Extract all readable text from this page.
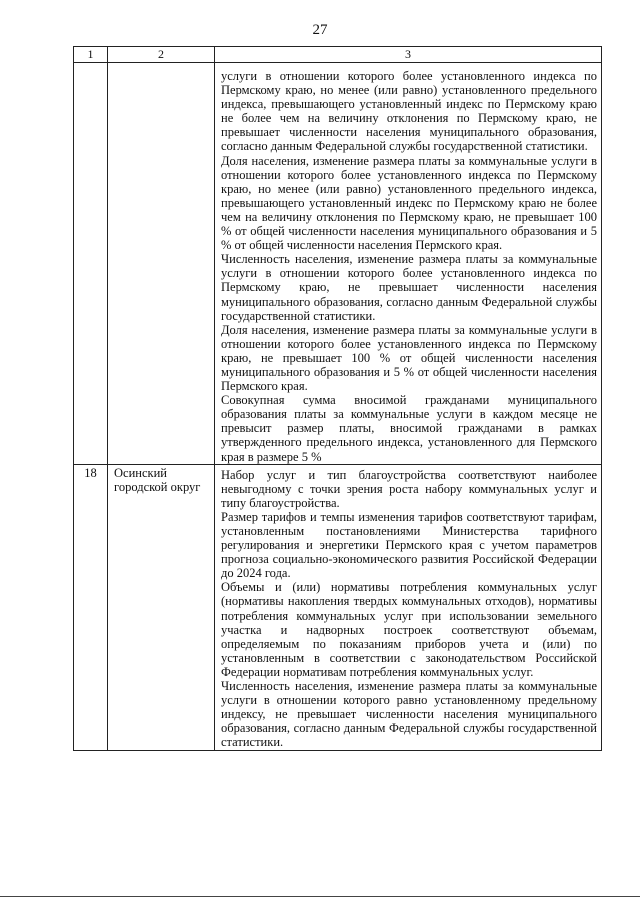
27
1	2	3

		услуги в отношении которого более установленного индекса по Пермскому краю, но менее (или равно) установленного предельного индекса, превышающего установленный индекс по Пермскому краю не более чем на величину отклонения по Пермскому краю, не превышает численности населения муниципального образования, согласно данным Федеральной службы государственной статистики.

Доля населения, изменение размера платы за коммунальные услуги в отношении которого более установленного индекса по Пермскому краю, но менее (или равно) установленного предельного индекса, превышающего установленный индекс по Пермскому краю не более чем на величину отклонения по Пермскому краю, не превышает 100 % от общей численности населения муниципального образования и 5 % от общей численности населения Пермского края.

Численность населения, изменение размера платы за коммунальные услуги в отношении которого более установленного индекса по Пермскому краю, не превышает численности населения муниципального образования, согласно данным Федеральной службы государственной статистики.

Доля населения, изменение размера платы за коммунальные услуги в отношении которого более установленного индекса по Пермскому краю, не превышает 100 % от общей численности населения муниципального образования и 5 % от общей численности населения Пермского края.

Совокупная сумма вносимой гражданами муниципального образования платы за коммунальные услуги в каждом месяце не превысит размер платы, вносимой гражданами в рамках утвержденного предельного индекса, установленного для Пермского края в размере 5 %

18	Осинский городской округ	Набор услуг и тип благоустройства соответствуют наиболее невыгодному с точки зрения роста набору коммунальных услуг и типу благоустройства.

Размер тарифов и темпы изменения тарифов соответствуют тарифам, установленным постановлениями Министерства тарифного регулирования и энергетики Пермского края с учетом параметров прогноза социально-экономического развития Российской Федерации до 2024 года.

Объемы и (или) нормативы потребления коммунальных услуг (нормативы накопления твердых коммунальных отходов), нормативы потребления коммунальных услуг при использовании земельного участка и надворных построек соответствуют объемам, определяемым по показаниям приборов учета и (или) по установленным в соответствии с законодательством Российской Федерации нормативам потребления коммунальных услуг.

Численность населения, изменение размера платы за коммунальные услуги в отношении которого равно установленному предельному индексу, не превышает численности населения муниципального образования, согласно данным Федеральной службы государственной статистики.
